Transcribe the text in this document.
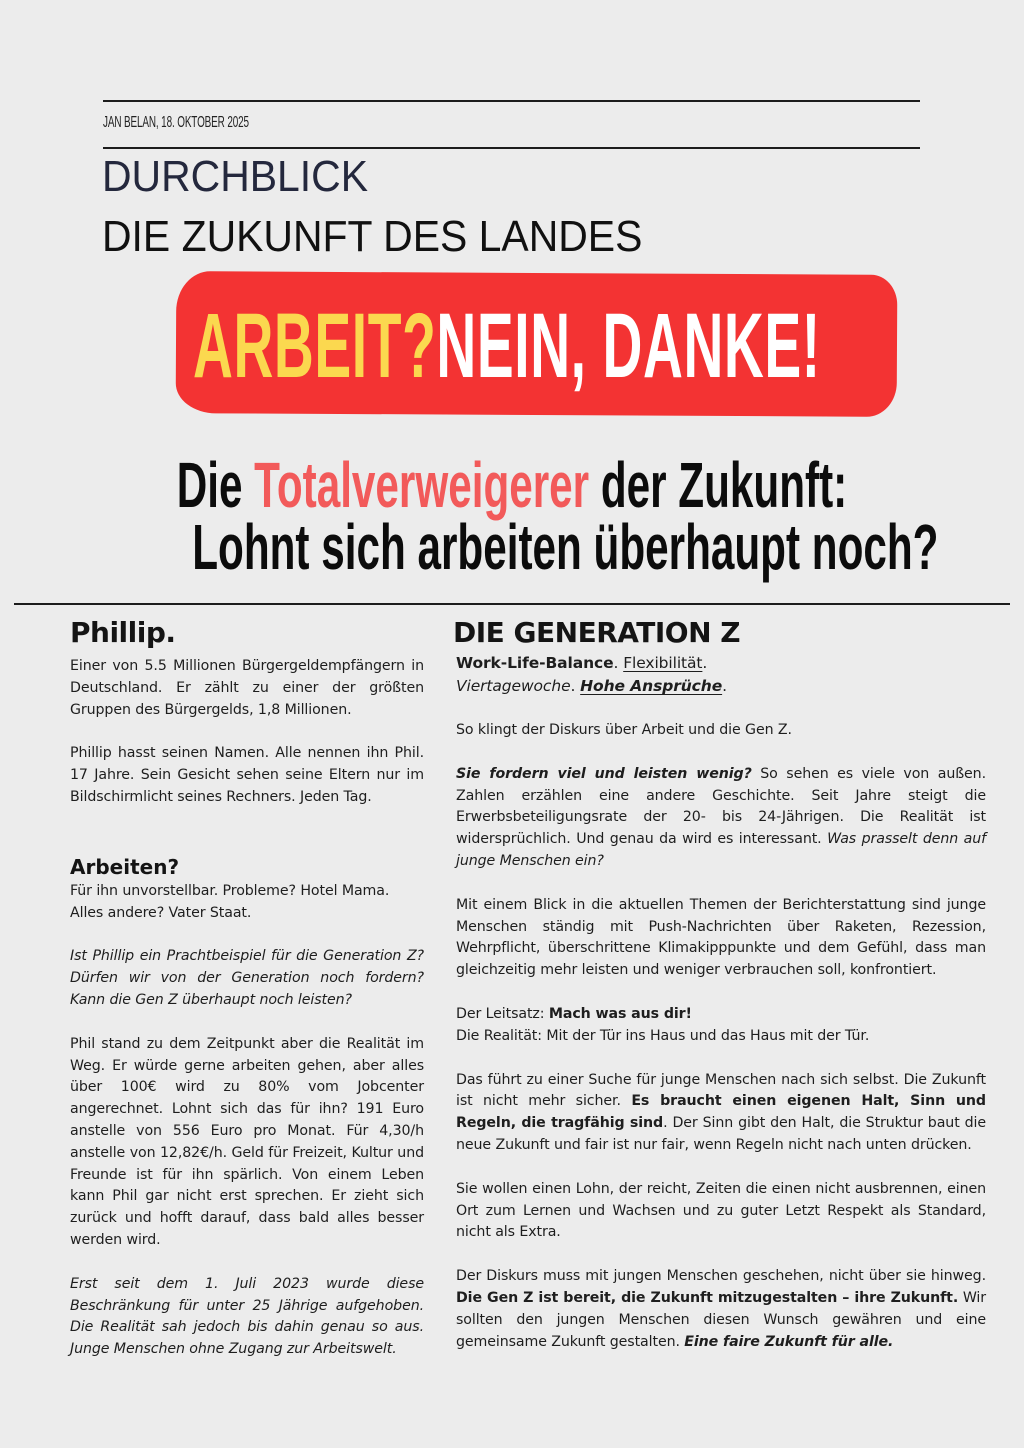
JAN BELAN, 18. OKTOBER 2025
DURCHBLICK
DIE ZUKUNFT DES LANDES
ARBEIT?NEIN, DANKE!
Die Totalverweigerer der Zukunft:
Lohnt sich arbeiten überhaupt noch?
Phillip.

Einer von 5.5 Millionen Bürgergeldempfängern in Deutschland. Er zählt zu einer der größten Gruppen des Bürgergelds, 1,8 Millionen.

Phillip hasst seinen Namen. Alle nennen ihn Phil. 17 Jahre. Sein Gesicht sehen seine Eltern nur im Bildschirmlicht seines Rechners. Jeden Tag.

Arbeiten?

Für ihn unvorstellbar. Probleme? Hotel Mama.

Alles andere? Vater Staat.

Ist Phillip ein Prachtbeispiel für die Generation Z? Dürfen wir von der Generation noch fordern? Kann die Gen Z überhaupt noch leisten?

Phil stand zu dem Zeitpunkt aber die Realität im Weg. Er würde gerne arbeiten gehen, aber alles über 100€ wird zu 80% vom Jobcenter angerechnet. Lohnt sich das für ihn? 191 Euro anstelle von 556 Euro pro Monat. Für 4,30/h anstelle von 12,82€/h. Geld für Freizeit, Kultur und Freunde ist für ihn spärlich. Von einem Leben kann Phil gar nicht erst sprechen. Er zieht sich zurück und hofft darauf, dass bald alles besser werden wird.

Erst seit dem 1. Juli 2023 wurde diese Beschränkung für unter 25 Jährige aufgehoben. Die Realität sah jedoch bis dahin genau so aus. Junge Menschen ohne Zugang zur Arbeitswelt.

DIE GENERATION Z

Work-Life-Balance. Flexibilität.

Viertagewoche. Hohe Ansprüche.

So klingt der Diskurs über Arbeit und die Gen Z.

Sie fordern viel und leisten wenig? So sehen es viele von außen. Zahlen erzählen eine andere Geschichte. Seit Jahre steigt die Erwerbsbeteiligungsrate der 20- bis 24-Jährigen. Die Realität ist widersprüchlich. Und genau da wird es interessant. Was prasselt denn auf junge Menschen ein?

Mit einem Blick in die aktuellen Themen der Berichterstattung sind junge Menschen ständig mit Push-Nachrichten über Raketen, Rezession, Wehrpflicht, überschrittene Klimakipppunkte und dem Gefühl, dass man gleichzeitig mehr leisten und weniger verbrauchen soll, konfrontiert.

Der Leitsatz: Mach was aus dir!

Die Realität: Mit der Tür ins Haus und das Haus mit der Tür.

Das führt zu einer Suche für junge Menschen nach sich selbst. Die Zukunft ist nicht mehr sicher. Es braucht einen eigenen Halt, Sinn und Regeln, die tragfähig sind. Der Sinn gibt den Halt, die Struktur baut die neue Zukunft und fair ist nur fair, wenn Regeln nicht nach unten drücken.

Sie wollen einen Lohn, der reicht, Zeiten die einen nicht ausbrennen, einen Ort zum Lernen und Wachsen und zu guter Letzt Respekt als Standard, nicht als Extra.

Der Diskurs muss mit jungen Menschen geschehen, nicht über sie hinweg. Die Gen Z ist bereit, die Zukunft mitzugestalten – ihre Zukunft. Wir sollten den jungen Menschen diesen Wunsch gewähren und eine gemeinsame Zukunft gestalten. Eine faire Zukunft für alle.
